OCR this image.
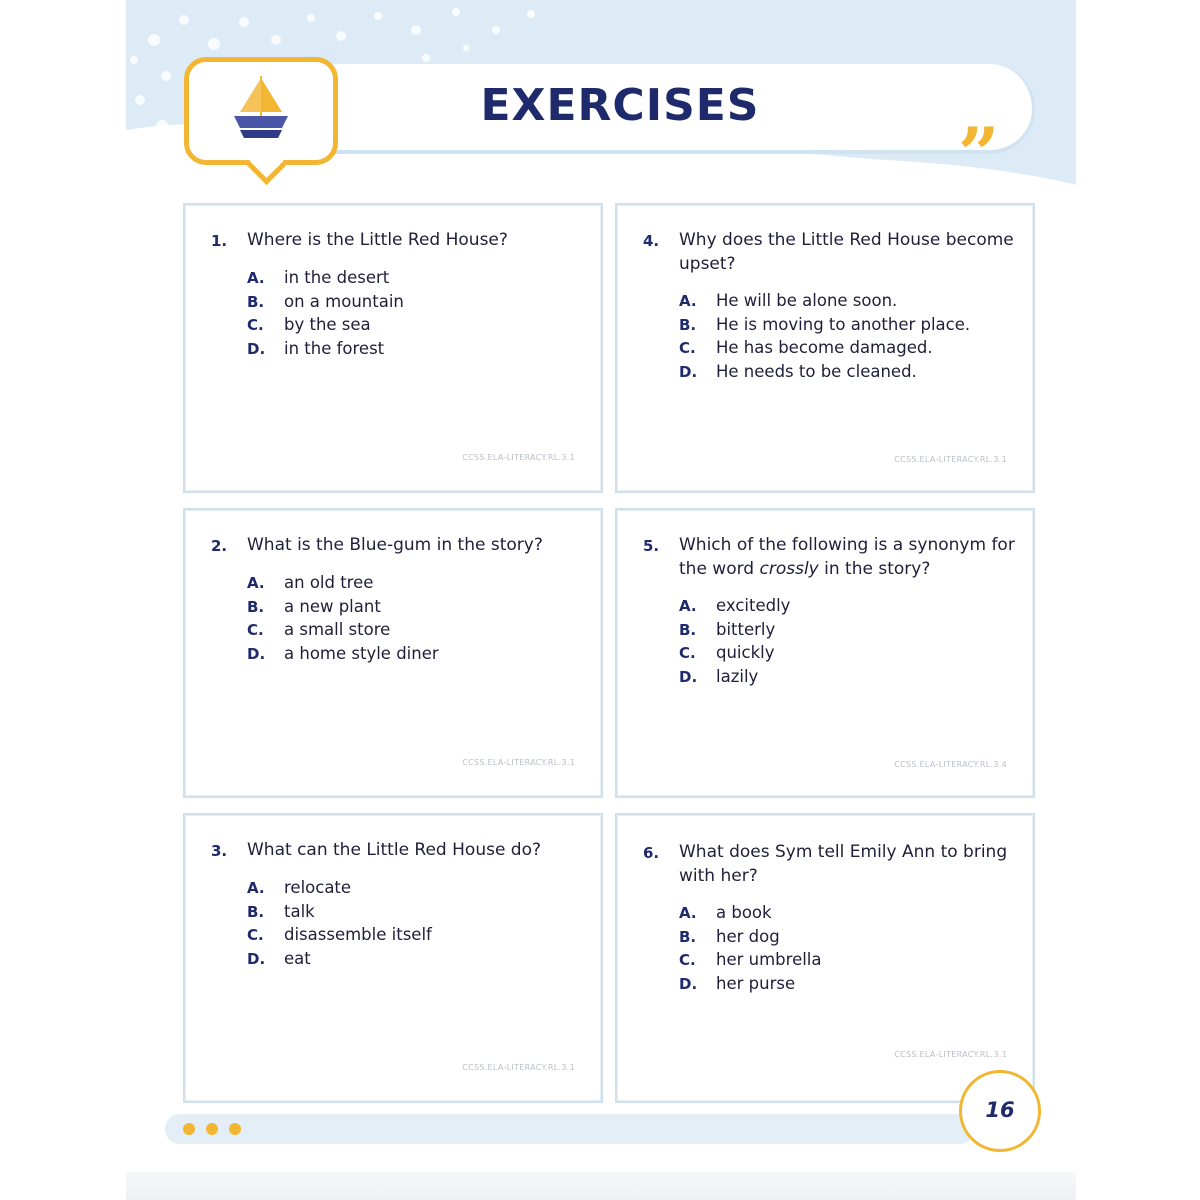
EXERCISES
”
1. Where is the Little Red House?
A. in the desert
B. on a mountain
C. by the sea
D. in the forest
CCSS.ELA-LITERACY.RL.3.1
2. What is the Blue-gum in the story?
A. an old tree
B. a new plant
C. a small store
D. a home style diner
CCSS.ELA-LITERACY.RL.3.1
3. What can the Little Red House do?
A. relocate
B. talk
C. disassemble itself
D. eat
CCSS.ELA-LITERACY.RL.3.1
4. Why does the Little Red House become upset?
A. He will be alone soon.
B. He is moving to another place.
C. He has become damaged.
D. He needs to be cleaned.
CCSS.ELA-LITERACY.RL.3.1
5. Which of the following is a synonym for the word crossly in the story?
A. excitedly
B. bitterly
C. quickly
D. lazily
CCSS.ELA-LITERACY.RL.3.4
6. What does Sym tell Emily Ann to bring with her?
A. a book
B. her dog
C. her umbrella
D. her purse
CCSS.ELA-LITERACY.RL.3.1
16
